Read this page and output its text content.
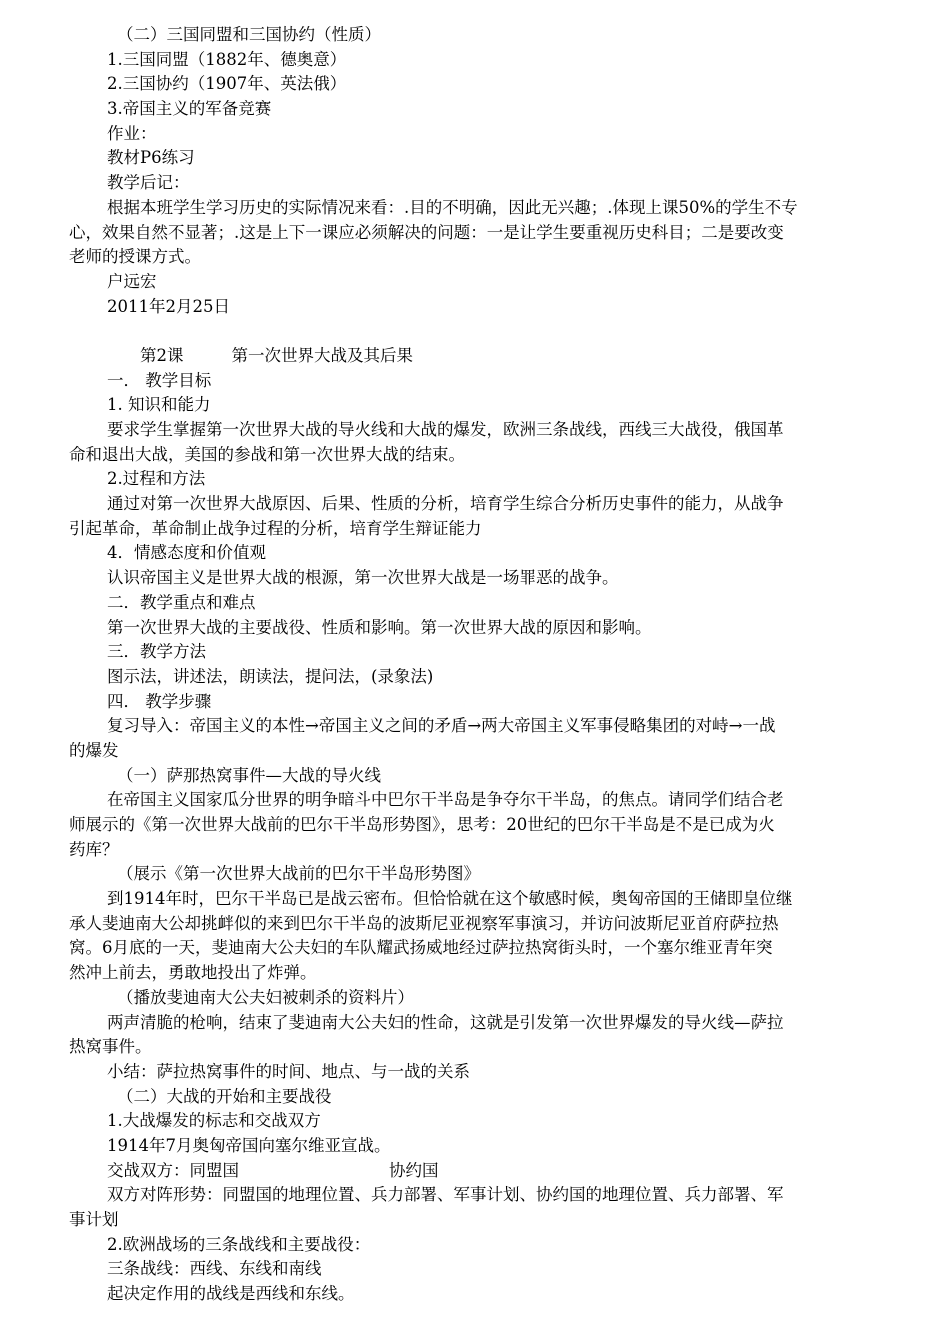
（二）三国同盟和三国协约（性质）
1.三国同盟（1882年、德奥意）
2.三国协约（1907年、英法俄）
3.帝国主义的军备竞赛
作业：
教材P6练习
教学后记：
根据本班学生学习历史的实际情况来看：.目的不明确，因此无兴趣；.体现上课50%的学生不专
心，效果自然不显著；.这是上下一课应必须解决的问题：一是让学生要重视历史科目；二是要改变
老师的授课方式。
户远宏
2011年2月25日
第2课	第一次世界大战及其后果
一． 教学目标
1. 知识和能力
要求学生掌握第一次世界大战的导火线和大战的爆发，欧洲三条战线，西线三大战役，俄国革
命和退出大战，美国的参战和第一次世界大战的结束。
2.过程和方法
通过对第一次世界大战原因、后果、性质的分析，培育学生综合分析历史事件的能力，从战争
引起革命，革命制止战争过程的分析，培育学生辩证能力
4．情感态度和价值观
认识帝国主义是世界大战的根源，第一次世界大战是一场罪恶的战争。
二．教学重点和难点
第一次世界大战的主要战役、性质和影响。第一次世界大战的原因和影响。
三．教学方法
图示法，讲述法，朗读法，提问法，(录象法)
四． 教学步骤
复习导入：帝国主义的本性→帝国主义之间的矛盾→两大帝国主义军事侵略集团的对峙→一战
的爆发
（一）萨那热窝事件—大战的导火线
在帝国主义国家瓜分世界的明争暗斗中巴尔干半岛是争夺尔干半岛，的焦点。请同学们结合老
师展示的《第一次世界大战前的巴尔干半岛形势图》，思考：20世纪的巴尔干半岛是不是已成为火
药库？
（展示《第一次世界大战前的巴尔干半岛形势图》
到1914年时，巴尔干半岛已是战云密布。但恰恰就在这个敏感时候，奥匈帝国的王储即皇位继
承人斐迪南大公却挑衅似的来到巴尔干半岛的波斯尼亚视察军事演习，并访问波斯尼亚首府萨拉热
窝。6月底的一天，斐迪南大公夫妇的车队耀武扬威地经过萨拉热窝街头时，一个塞尔维亚青年突
然冲上前去，勇敢地投出了炸弹。
（播放斐迪南大公夫妇被刺杀的资料片）
两声清脆的枪响，结束了斐迪南大公夫妇的性命，这就是引发第一次世界爆发的导火线—萨拉
热窝事件。
小结：萨拉热窝事件的时间、地点、与一战的关系
（二）大战的开始和主要战役
1.大战爆发的标志和交战双方
1914年7月奥匈帝国向塞尔维亚宣战。
交战双方：同盟国	协约国
双方对阵形势：同盟国的地理位置、兵力部署、军事计划、协约国的地理位置、兵力部署、军
事计划
2.欧洲战场的三条战线和主要战役：
三条战线：西线、东线和南线
起决定作用的战线是西线和东线。
